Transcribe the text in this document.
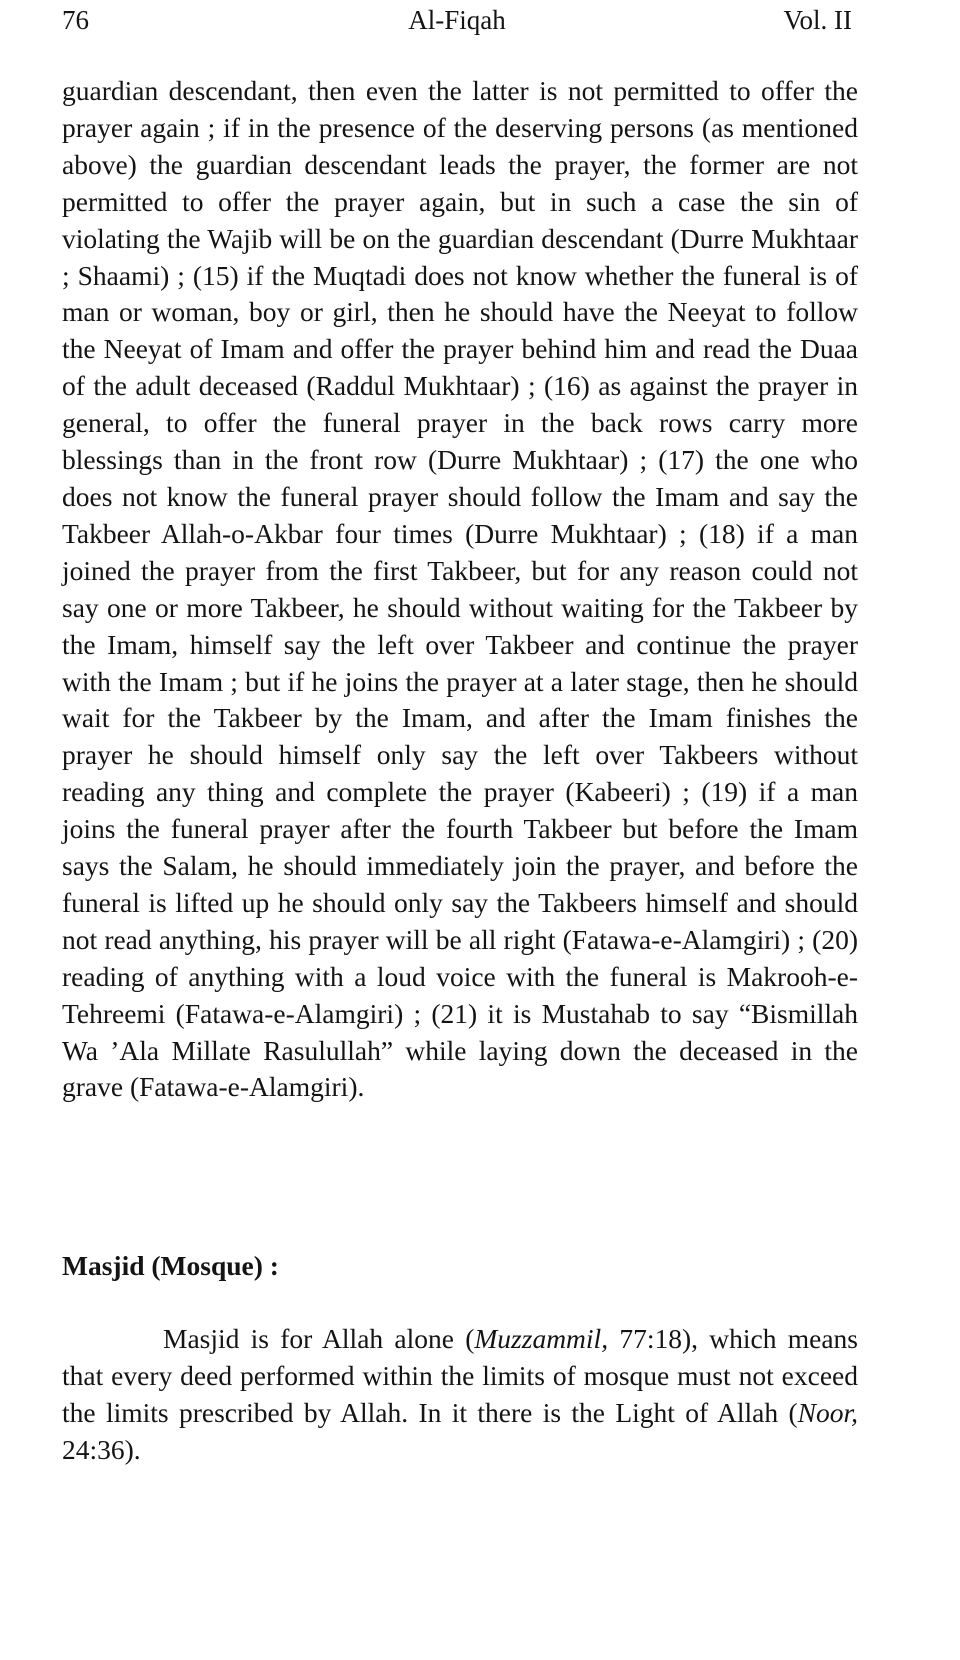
76	Al-Fiqah	Vol. II

guardian descendant, then even the latter is not permitted to offer the prayer again ; if in the presence of the deserving persons (as mentioned above) the guardian descendant leads the prayer, the former are not permitted to offer the prayer again, but in such a case the sin of violating the Wajib will be on the guardian descendant (Durre Mukhtaar ; Shaami) ; (15) if the Muqtadi does not know whether the funeral is of man or woman, boy or girl, then he should have the Neeyat to follow the Neeyat of Imam and offer the prayer behind him and read the Duaa of the adult deceased (Raddul Mukhtaar) ; (16) as against the prayer in general, to offer the funeral prayer in the back rows carry more blessings than in the front row (Durre Mukhtaar) ; (17) the one who does not know the funeral prayer should follow the Imam and say the Takbeer Allah-o-Akbar four times (Durre Mukhtaar) ; (18) if a man joined the prayer from the first Takbeer, but for any reason could not say one or more Takbeer, he should without waiting for the Takbeer by the Imam, himself say the left over Takbeer and continue the prayer with the Imam ; but if he joins the prayer at a later stage, then he should wait for the Takbeer by the Imam, and after the Imam finishes the prayer he should himself only say the left over Takbeers without reading any thing and complete the prayer (Kabeeri) ; (19) if a man joins the funeral prayer after the fourth Takbeer but before the Imam says the Salam, he should immediately join the prayer, and before the funeral is lifted up he should only say the Takbeers himself and should not read anything, his prayer will be all right (Fatawa-e-Alamgiri) ; (20) reading of anything with a loud voice with the funeral is Makrooh-e-Tehreemi (Fatawa-e-Alamgiri) ; (21) it is Mustahab to say “Bismillah Wa ’Ala Millate Rasulullah” while laying down the deceased in the grave (Fatawa-e-Alamgiri).

Masjid (Mosque) :

Masjid is for Allah alone (Muzzammil, 77:18), which means that every deed performed within the limits of mosque must not exceed the limits prescribed by Allah. In it there is the Light of Allah (Noor, 24:36).
